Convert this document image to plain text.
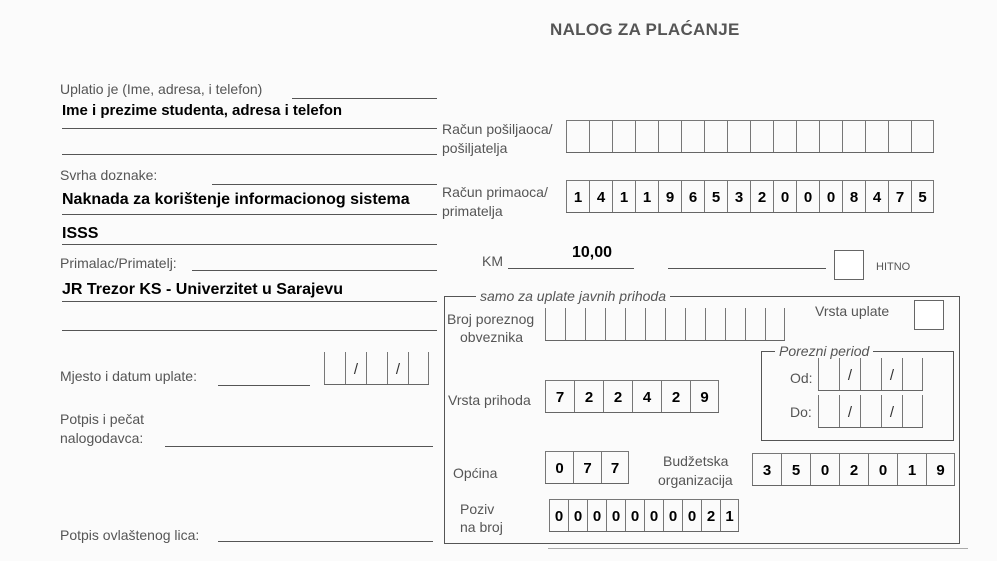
NALOG ZA PLAĆANJE
Uplatio je (Ime, adresa, i telefon)
Ime i prezime studenta, adresa i telefon
Svrha doznake:
Naknada za korištenje informacionog sistema
ISSS
Primalac/Primatelj:
JR Trezor KS - Univerzitet u Sarajevu
Mjesto i datum uplate:	/	/
Potpis i pečat
nalogodavca:
Potpis ovlaštenog lica:
Račun pošiljaoca/
pošiljatelja
Račun primaoca/
primatelja
1 4 1 1 9 6 5 3 2 0 0 0 8 4 7 5
KM	10,00
HITNO
samo za uplate javnih prihoda
Broj poreznog
obveznika
Vrsta uplate
Porezni period
Od:	/	/
Do:	/	/
Vrsta prihoda	7	2	2	4	2	9
Općina	0	7	7	Budžetska
organizacija
3	5	0	2	0	1	9
Poziv
na broj
0 0 0 0 0 0 0 0 2 1
